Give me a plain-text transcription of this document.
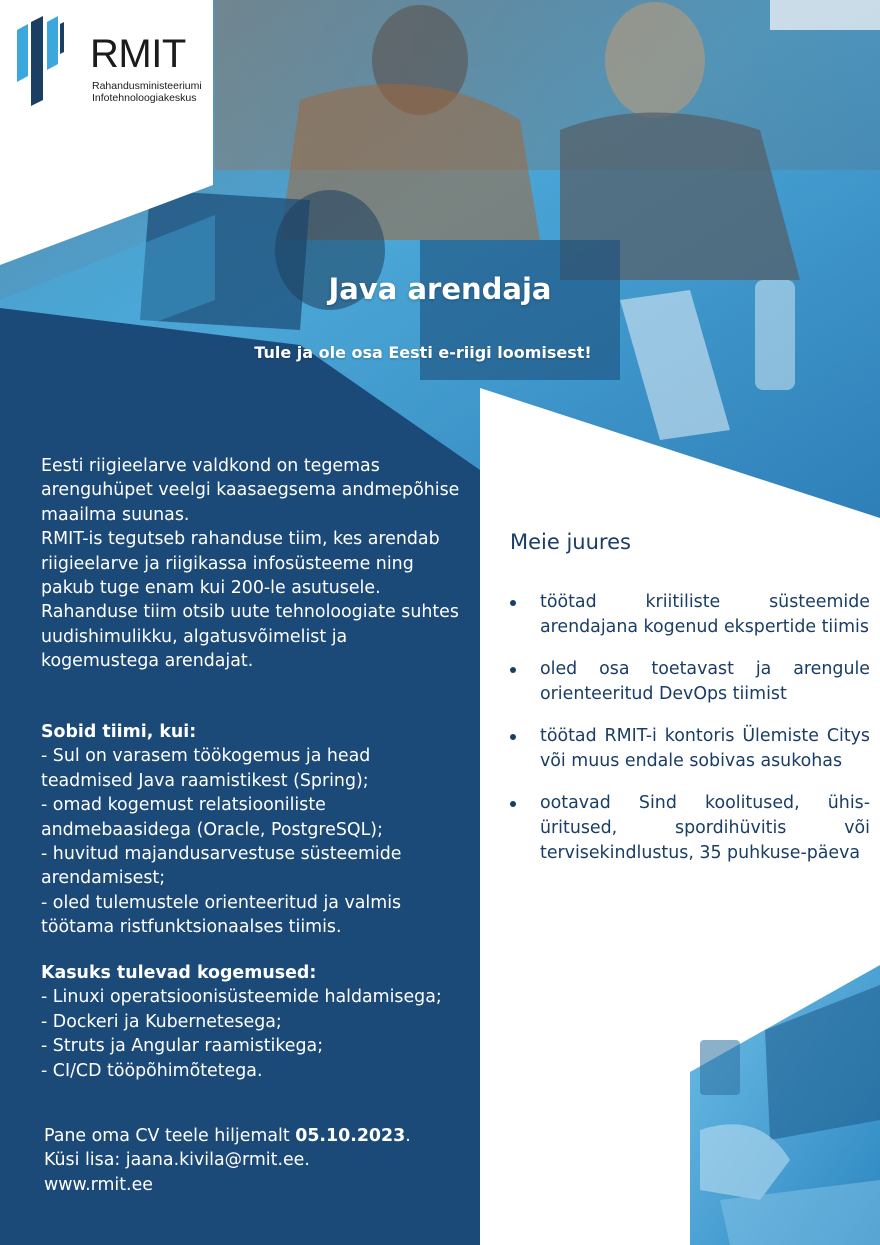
RMIT
Rahandusministeeriumi
Infotehnoloogiakeskus
Java arendaja
Tule ja ole osa Eesti e-riigi loomisest!

Eesti riigieelarve valdkond on tegemas arenguhüpet veelgi kaasaegsema andmepõhise maailma suunas.

RMIT-is tegutseb rahanduse tiim, kes arendab riigieelarve ja riigikassa infosüsteeme ning pakub tuge enam kui 200-le asutusele. Rahanduse tiim otsib uute tehnoloogiate suhtes uudishimulikku, algatusvõimelist ja kogemustega arendajat.

Sobid tiimi, kui:

- Sul on varasem töökogemus ja head teadmised Java raamistikest (Spring);

- omad kogemust relatsiooniliste andmebaasidega (Oracle, PostgreSQL);

- huvitud majandusarvestuse süsteemide arendamisest;

- oled tulemustele orienteeritud ja valmis töötama ristfunktsionaalses tiimis.

Kasuks tulevad kogemused:

- Linuxi operatsioonisüsteemide haldamisega;

- Dockeri ja Kubernetesega;

- Struts ja Angular raamistikega;

- CI/CD tööpõhimõtetega.

Pane oma CV teele hiljemalt 05.10.2023.

Küsi lisa: jaana.kivila@rmit.ee.

www.rmit.ee

Meie juures
töötad kriitiliste süsteemide arendajana kogenud ekspertide tiimis
oled osa toetavast ja arengule orienteeritud DevOps tiimist
töötad RMIT-i kontoris Ülemiste Citys või muus endale sobivas asukohas
ootavad Sind koolitused, ühis-üritused, spordihüvitis või tervisekindlustus, 35 puhkuse-päeva
